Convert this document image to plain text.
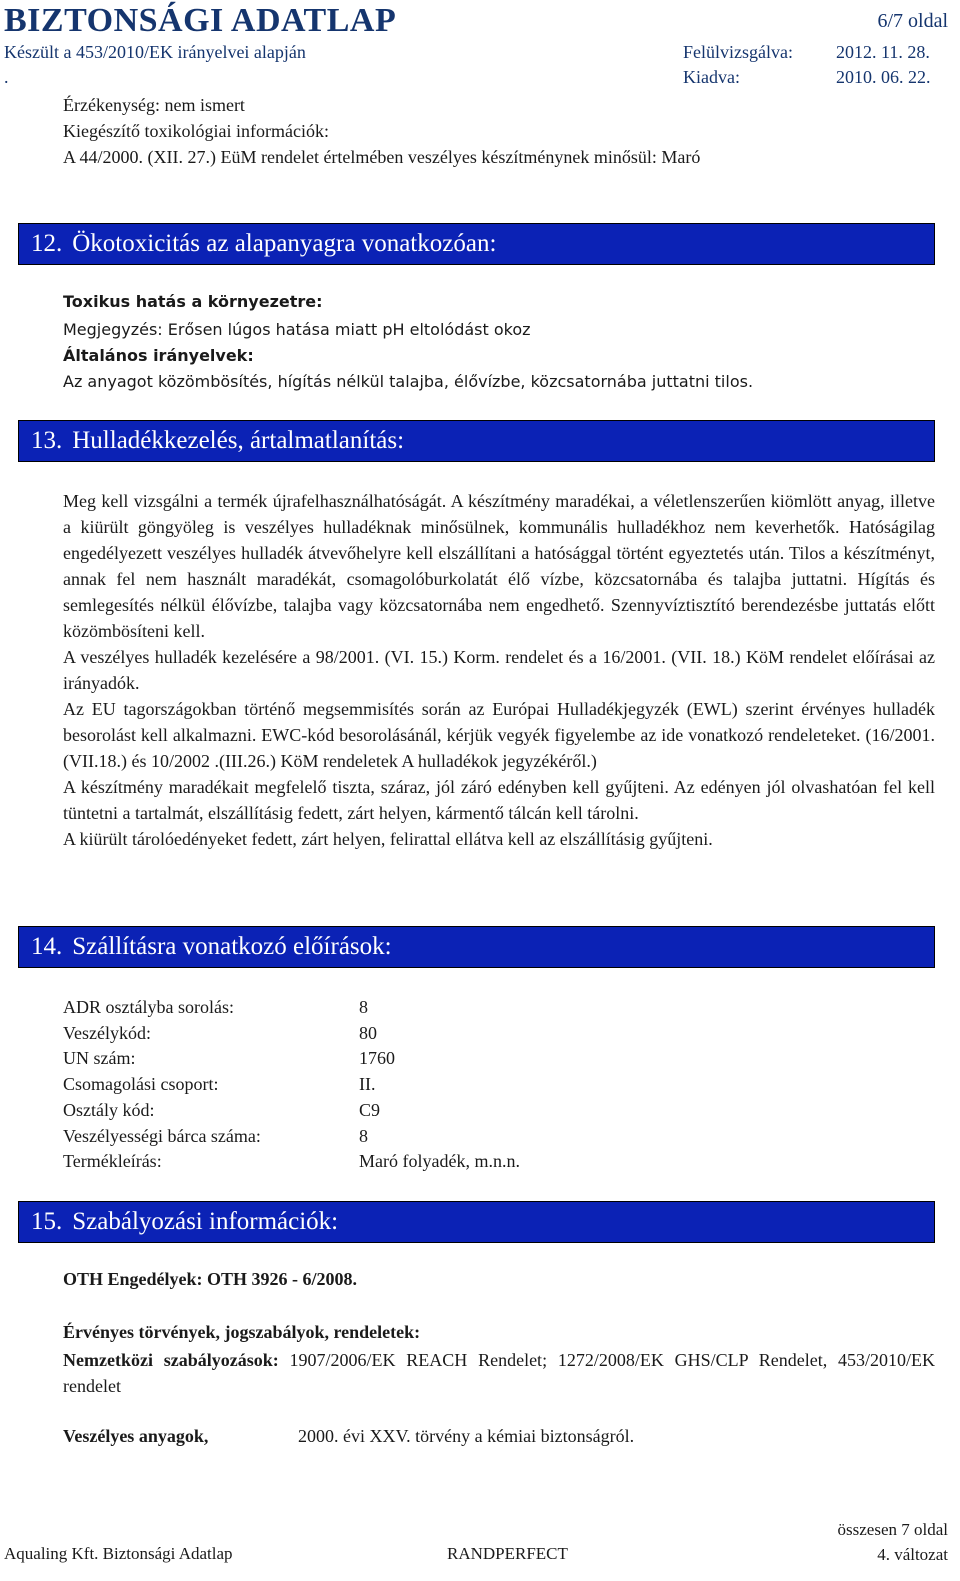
BIZTONSÁGI ADATLAP	6/7 oldal
Készült a 453/2010/EK irányelvei alapján
.
Felülvizsgálva: 2012. 11. 28.
Kiadva:	2010. 06. 22.
Érzékenység: nem ismert
Kiegészítő toxikológiai információk:
A 44/2000. (XII. 27.) EüM rendelet értelmében veszélyes készítménynek minősül: Maró
12. Ökotoxicitás az alapanyagra vonatkozóan:
Toxikus hatás a környezetre:
Megjegyzés: Erősen lúgos hatása miatt pH eltolódást okoz
Általános irányelvek:
Az anyagot közömbösítés, hígítás nélkül talajba, élővízbe, közcsatornába juttatni tilos.
13. Hulladékkezelés, ártalmatlanítás:

Meg kell vizsgálni a termék újrafelhasználhatóságát. A készítmény maradékai, a véletlenszerűen kiömlött anyag, illetve a kiürült göngyöleg is veszélyes hulladéknak minősülnek, kommunális hulladékhoz nem keverhetők. Hatóságilag engedélyezett veszélyes hulladék átvevőhelyre kell elszállítani a hatósággal történt egyeztetés után. Tilos a készítményt, annak fel nem használt maradékát, csomagolóburkolatát élő vízbe, közcsatornába és talajba juttatni. Hígítás és semlegesítés nélkül élővízbe, talajba vagy közcsatornába nem engedhető. Szennyvíztisztító berendezésbe juttatás előtt közömbösíteni kell.

A veszélyes hulladék kezelésére a 98/2001. (VI. 15.) Korm. rendelet és a 16/2001. (VII. 18.) KöM rendelet előírásai az irányadók.

Az EU tagországokban történő megsemmisítés során az Európai Hulladékjegyzék (EWL) szerint érvényes hulladék besorolást kell alkalmazni. EWC-kód besorolásánál, kérjük vegyék figyelembe az ide vonatkozó rendeleteket. (16/2001. (VII.18.) és 10/2002 .(III.26.) KöM rendeletek A hulladékok jegyzékéről.)

A készítmény maradékait megfelelő tiszta, száraz, jól záró edényben kell gyűjteni. Az edényen jól olvashatóan fel kell tüntetni a tartalmát, elszállításig fedett, zárt helyen, kármentő tálcán kell tárolni.

A kiürült tárolóedényeket fedett, zárt helyen, felirattal ellátva kell az elszállításig gyűjteni.

14. Szállításra vonatkozó előírások:
ADR osztályba sorolás:	8
Veszélykód:	80
UN szám:	1760
Csomagolási csoport:	II.
Osztály kód:	C9
Veszélyességi bárca száma:	8
Termékleírás:	Maró folyadék, m.n.n.
15. Szabályozási információk:
OTH Engedélyek: OTH 3926 - 6/2008.
Érvényes törvények, jogszabályok, rendeletek:
Nemzetközi szabályozások: 1907/2006/EK REACH Rendelet; 1272/2008/EK GHS/CLP Rendelet, 453/2010/EK rendelet
Veszélyes anyagok,	2000. évi XXV. törvény a kémiai biztonságról.
Aqualing Kft. Biztonsági Adatlap	RANDPERFECT
összesen 7 oldal
4. változat
